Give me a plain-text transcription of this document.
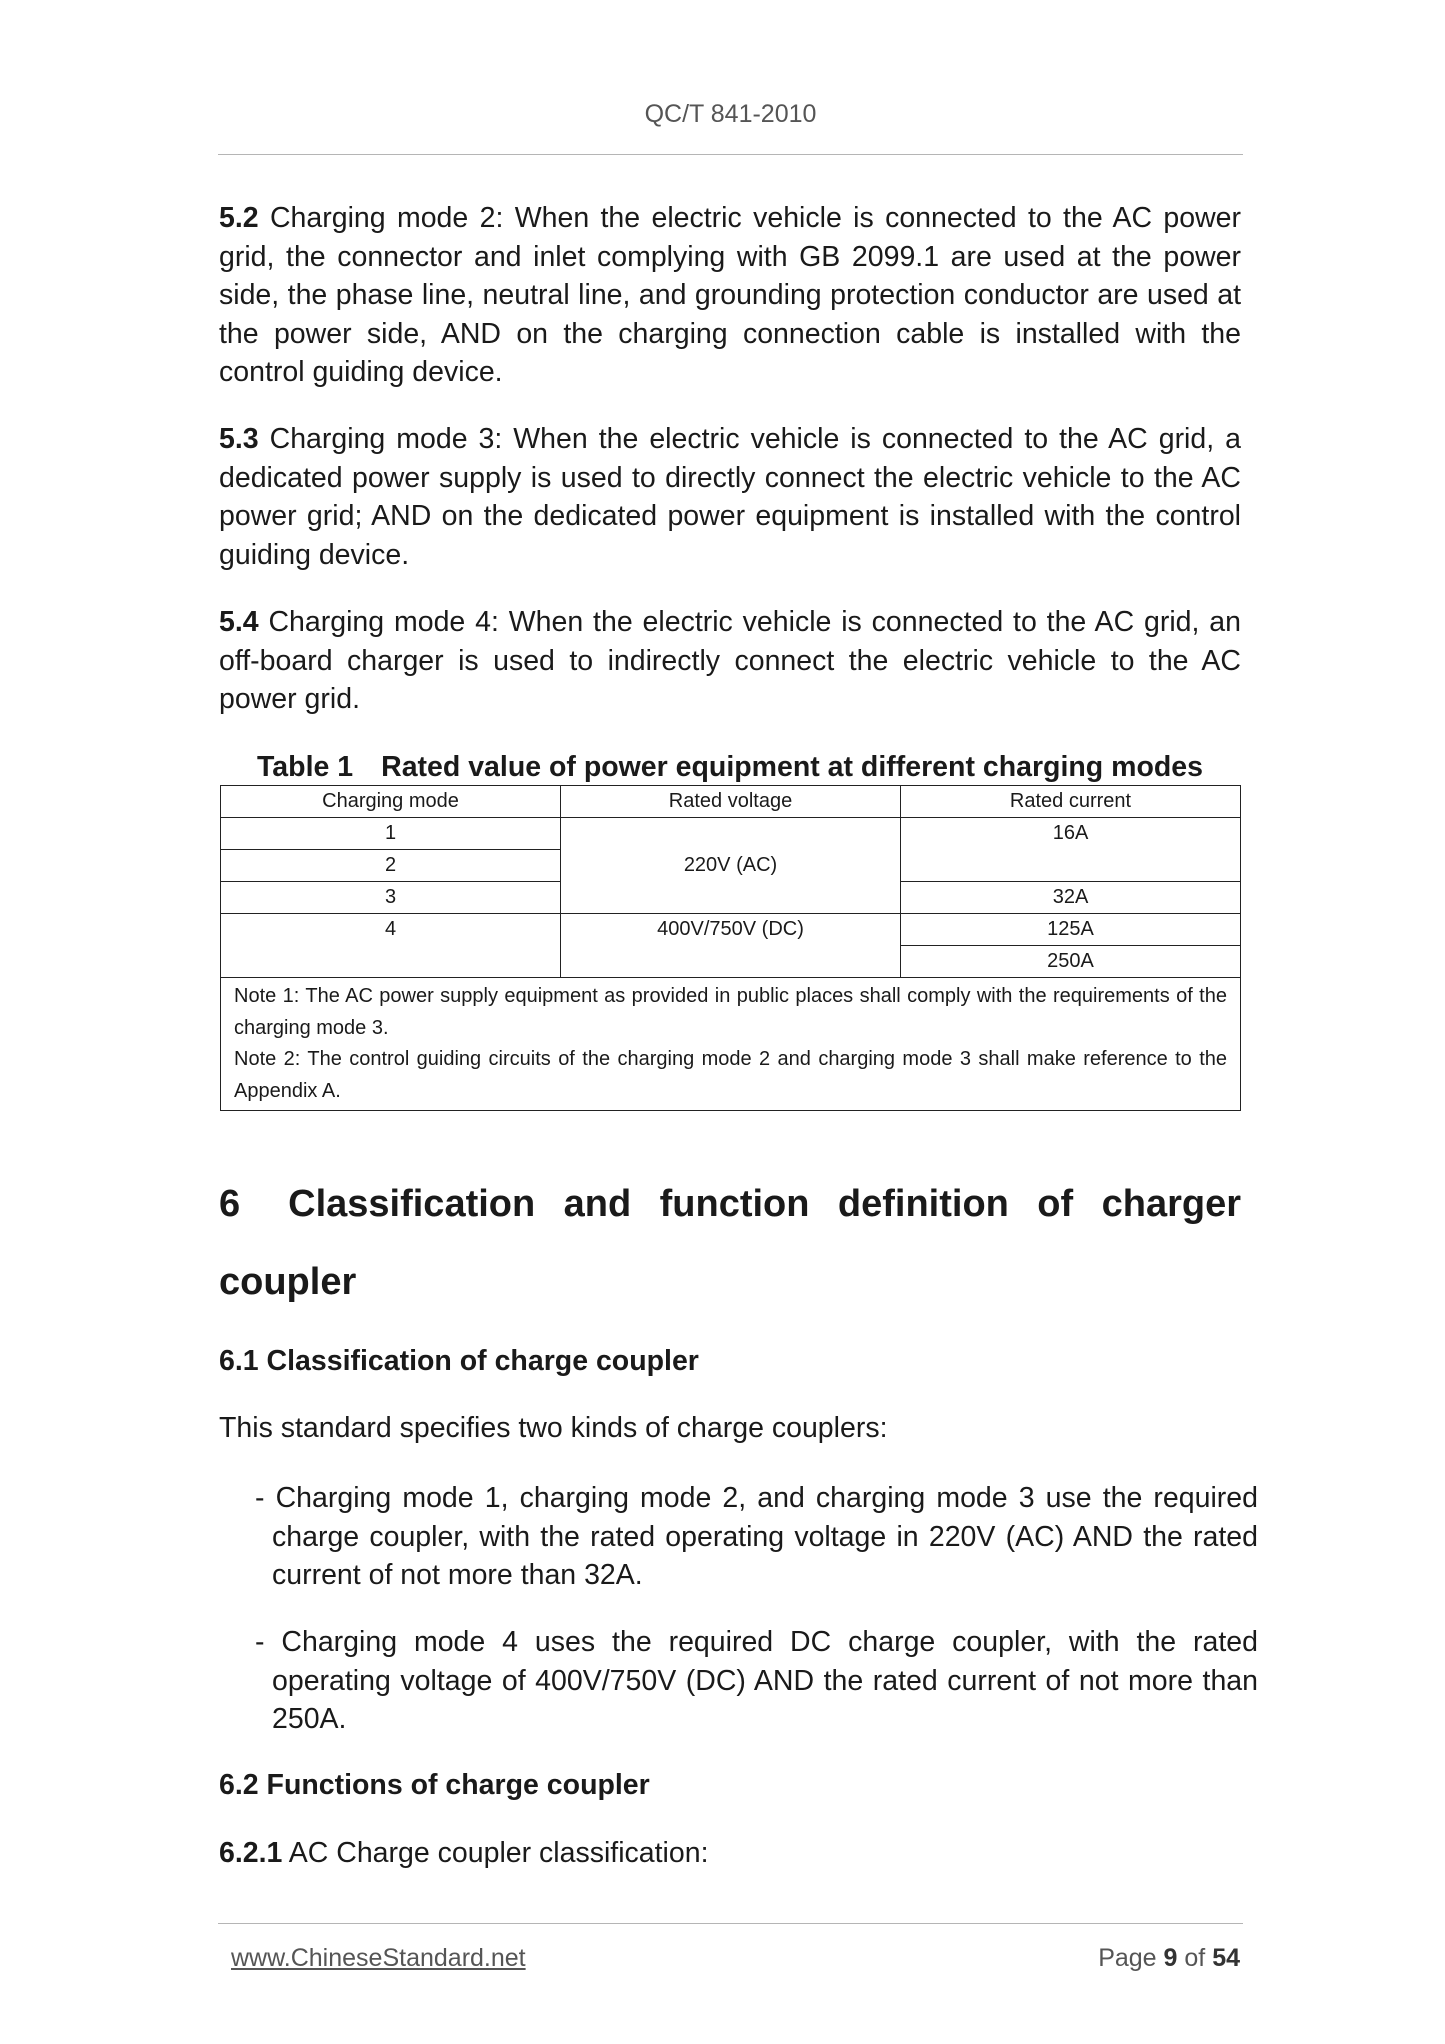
QC/T 841-2010

5.2 Charging mode 2: When the electric vehicle is connected to the AC power grid, the connector and inlet complying with GB 2099.1 are used at the power side, the phase line, neutral line, and grounding protection conductor are used at the power side, AND on the charging connection cable is installed with the control guiding device.

5.3 Charging mode 3: When the electric vehicle is connected to the AC grid, a dedicated power supply is used to directly connect the electric vehicle to the AC power grid; AND on the dedicated power equipment is installed with the control guiding device.

5.4 Charging mode 4: When the electric vehicle is connected to the AC grid, an off-board charger is used to indirectly connect the electric vehicle to the AC power grid.

Table 1 Rated value of power equipment at different charging modes
Charging mode	Rated voltage	Rated current
1	220V (AC)	16A
2		
3		32A
4	400V/750V (DC)	125A
		250A

Note 1: The AC power supply equipment as provided in public places shall comply with the requirements of the charging mode 3.
Note 2: The control guiding circuits of the charging mode 2 and charging mode 3 shall make reference to the Appendix A.		
6 Classification and function definition of charger coupler
6.1 Classification of charge coupler

This standard specifies two kinds of charge couplers:

- Charging mode 1, charging mode 2, and charging mode 3 use the required charge coupler, with the rated operating voltage in 220V (AC) AND the rated current of not more than 32A.

- Charging mode 4 uses the required DC charge coupler, with the rated operating voltage of 400V/750V (DC) AND the rated current of not more than 250A.

6.2 Functions of charge coupler

6.2.1 AC Charge coupler classification:

www.ChineseStandard.net	Page 9 of 54
